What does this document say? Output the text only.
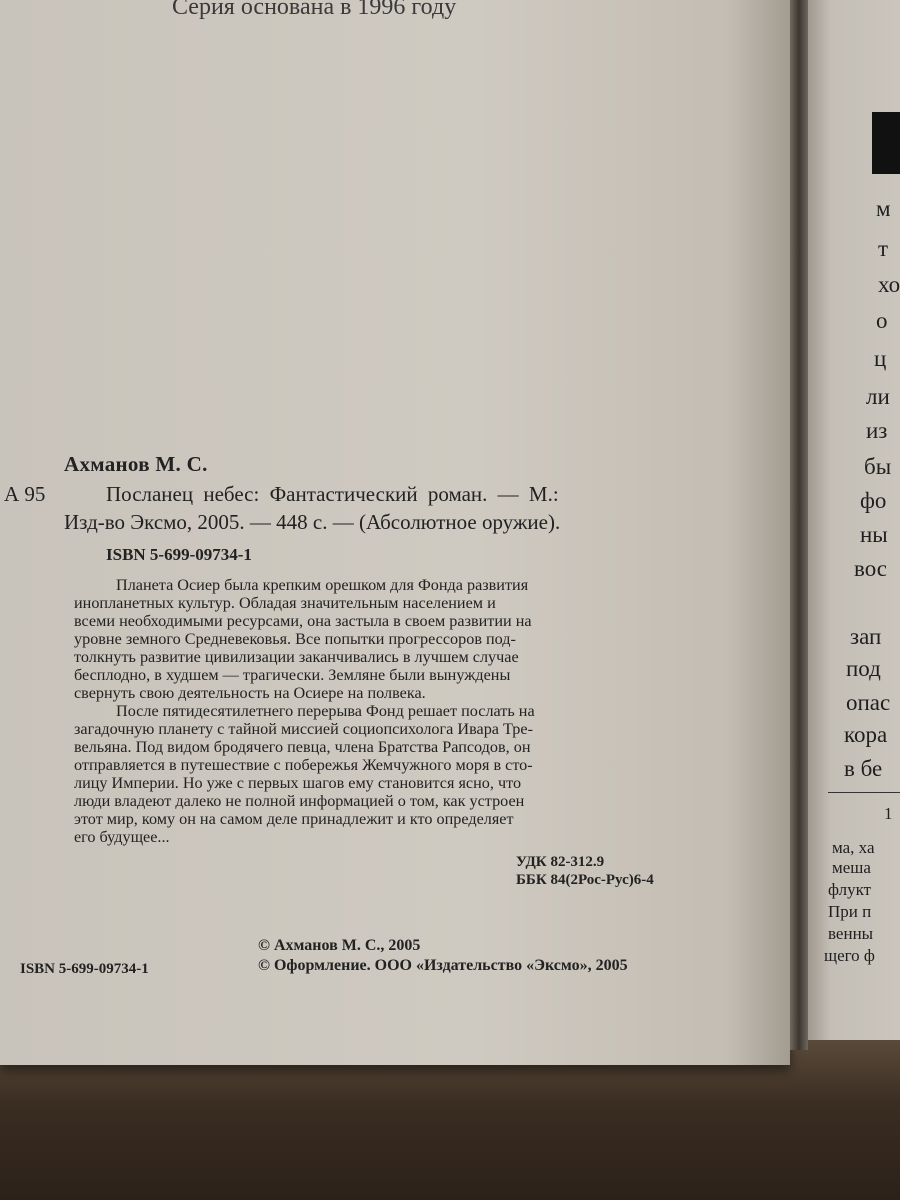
Серия основана в 1996 году
Ахманов М. С.
А 95	Посланец небес: Фантастический роман. — М.:
Изд-во Эксмо, 2005. — 448 с. — (Абсолютное оружие).
ISBN 5-699-09734-1
Планета Осиер была крепким орешком для Фонда развития
инопланетных культур. Обладая значительным населением и
всеми необходимыми ресурсами, она застыла в своем развитии на
уровне земного Средневековья. Все попытки прогрессоров под-
толкнуть развитие цивилизации заканчивались в лучшем случае
бесплодно, в худшем — трагически. Земляне были вынуждены
свернуть свою деятельность на Осиере на полвека.
После пятидесятилетнего перерыва Фонд решает послать на
загадочную планету с тайной миссией социопсихолога Ивара Тре-
вельяна. Под видом бродячего певца, члена Братства Рапсодов, он
отправляется в путешествие с побережья Жемчужного моря в сто-
лицу Империи. Но уже с первых шагов ему становится ясно, что
люди владеют далеко не полной информацией о том, как устроен
этот мир, кому он на самом деле принадлежит и кто определяет
его будущее...
УДК 82-312.9
ББК 84(2Рос-Рус)6-4
© Ахманов М. С., 2005
© Оформление. ООО «Издательство «Эксмо», 2005
ISBN 5-699-09734-1
м
т
хо
о
ц
ли
из
бы
фо
ны
вос
зап
под
опас
кора
в бе
1
ма, ха
меша
флукт
При п
венны
щего ф
